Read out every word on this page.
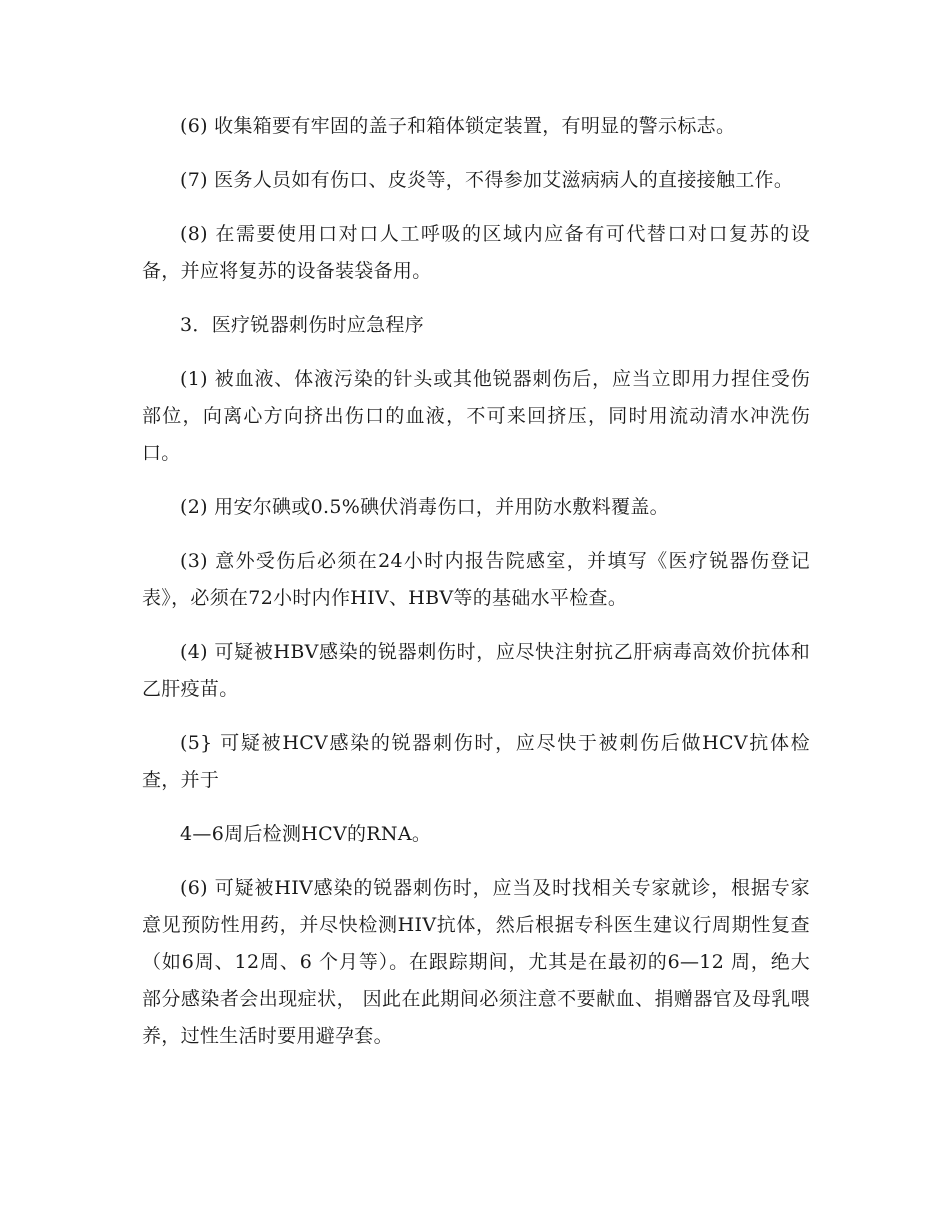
(6) 收集箱要有牢固的盖子和箱体锁定装置，有明显的警示标志。

(7) 医务人员如有伤口、皮炎等，不得参加艾滋病病人的直接接触工作。

(8) 在需要使用口对口人工呼吸的区域内应备有可代替口对口复苏的设备，并应将复苏的设备装袋备用。

3．医疗锐器刺伤时应急程序

(1) 被血液、体液污染的针头或其他锐器刺伤后，应当立即用力捏住受伤部位，向离心方向挤出伤口的血液，不可来回挤压，同时用流动清水冲洗伤口。

(2) 用安尔碘或0.5%碘伏消毒伤口，并用防水敷料覆盖。

(3) 意外受伤后必须在24小时内报告院感室，并填写《医疗锐器伤登记表》，必须在72小时内作HIV、HBV等的基础水平检查。

(4) 可疑被HBV感染的锐器刺伤时，应尽快注射抗乙肝病毒高效价抗体和乙肝疫苗。

(5} 可疑被HCV感染的锐器刺伤时，应尽快于被刺伤后做HCV抗体检查，并于

4—6周后检测HCV的RNA。

(6) 可疑被HIV感染的锐器刺伤时，应当及时找相关专家就诊，根据专家意见预防性用药，并尽快检测HIV抗体，然后根据专科医生建议行周期性复查（如6周、12周、6 个月等）。在跟踪期间，尤其是在最初的6—12 周，绝大部分感染者会出现症状， 因此在此期间必须注意不要献血、捐赠器官及母乳喂养，过性生活时要用避孕套。
